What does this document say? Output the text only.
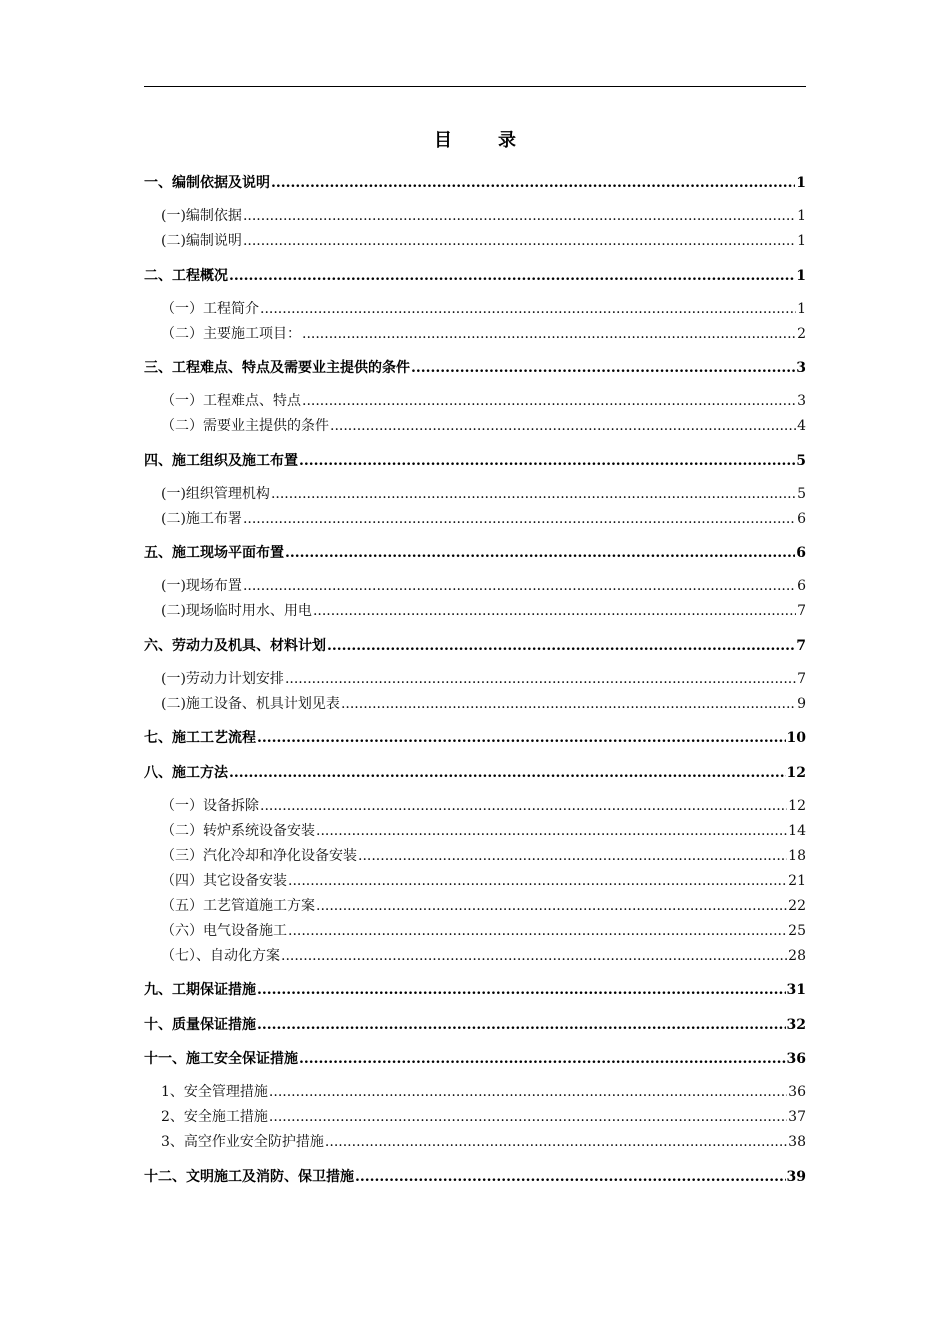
目	录
一、编制依据及说明 .....	1
(一)编制依据 .....	1
(二)编制说明 .....	1
二、工程概况 .....	1
（一）工程简介 .....	1
（二）主要施工项目： .....	2
三、工程难点、特点及需要业主提供的条件 .....	3
（一）工程难点、特点 .....	3
（二）需要业主提供的条件 .....	4
四、施工组织及施工布置 .....	5
(一)组织管理机构 .....	5
(二)施工布署 .....	6
五、施工现场平面布置 .....	6
(一)现场布置 .....	6
(二)现场临时用水、用电 .....	7
六、劳动力及机具、材料计划 .....	7
(一)劳动力计划安排 .....	7
(二)施工设备、机具计划见表 .....	9
七、施工工艺流程 .....	10
八、施工方法 .....	12
（一）设备拆除 .....	12
（二）转炉系统设备安装 .....	14
（三）汽化冷却和净化设备安装 .....	18
（四）其它设备安装 .....	21
（五）工艺管道施工方案 .....	22
（六）电气设备施工 .....	25
（七）、自动化方案 .....	28
九、工期保证措施 .....	31
十、质量保证措施 .....	32
十一、施工安全保证措施 .....	36
1、安全管理措施 .....	36
2、安全施工措施 .....	37
3、高空作业安全防护措施 .....	38
十二、文明施工及消防、保卫措施 .....	39
